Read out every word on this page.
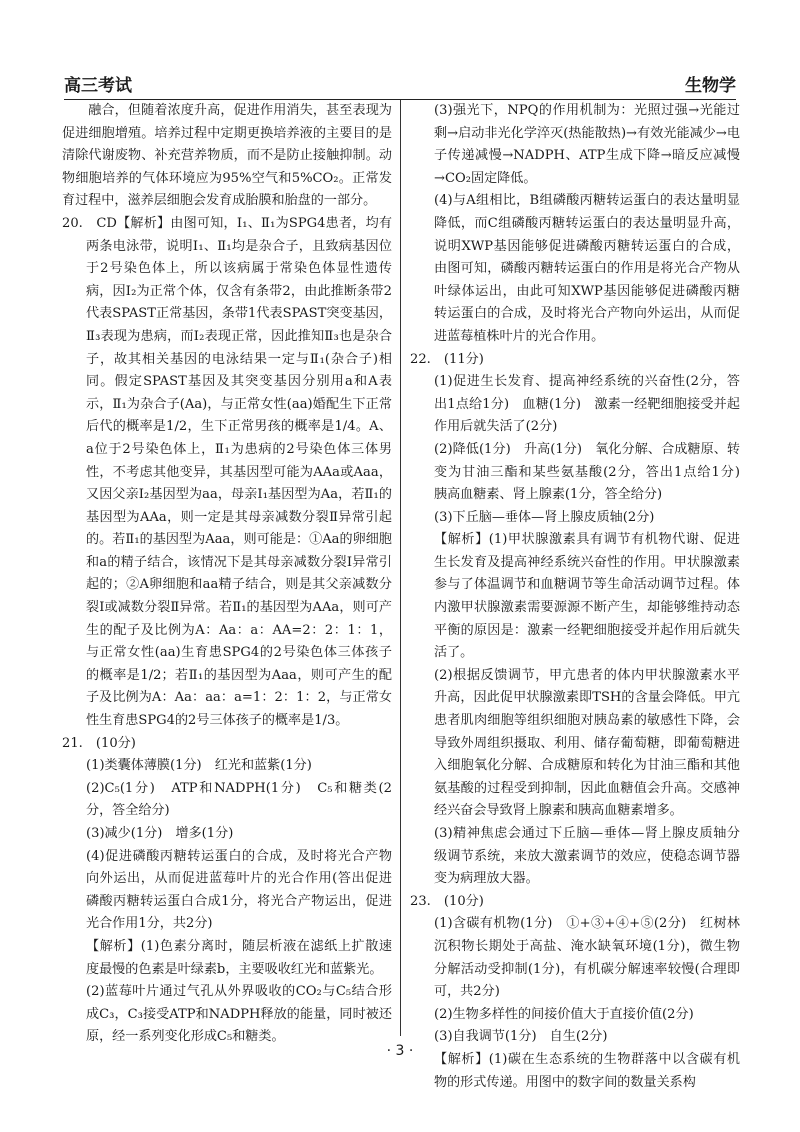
高三考试	生物学

融合，但随着浓度升高，促进作用消失，甚至表现为促进细胞增殖。培养过程中定期更换培养液的主要目的是清除代谢废物、补充营养物质，而不是防止接触抑制。动物细胞培养的气体环境应为95%空气和5%CO₂。正常发育过程中，滋养层细胞会发育成胎膜和胎盘的一部分。

20.　CD【解析】由图可知，Ⅰ₁、Ⅱ₁为SPG4患者，均有两条电泳带，说明Ⅰ₁、Ⅱ₁均是杂合子，且致病基因位于2号染色体上，所以该病属于常染色体显性遗传病，因Ⅰ₂为正常个体，仅含有条带2，由此推断条带2代表SPAST正常基因，条带1代表SPAST突变基因，Ⅱ₃表现为患病，而Ⅰ₂表现正常，因此推知Ⅱ₃也是杂合子，故其相关基因的电泳结果一定与Ⅱ₁(杂合子)相同。假定SPAST基因及其突变基因分别用a和A表示，Ⅱ₁为杂合子(Aa)，与正常女性(aa)婚配生下正常后代的概率是1/2，生下正常男孩的概率是1/4。A、a位于2号染色体上，Ⅱ₁为患病的2号染色体三体男性，不考虑其他变异，其基因型可能为AAa或Aaa，又因父亲Ⅰ₂基因型为aa，母亲Ⅰ₁基因型为Aa，若Ⅱ₁的基因型为AAa，则一定是其母亲减数分裂Ⅱ异常引起的。若Ⅱ₁的基因型为Aaa，则可能是：①Aa的卵细胞和a的精子结合，该情况下是其母亲减数分裂Ⅰ异常引起的；②A卵细胞和aa精子结合，则是其父亲减数分裂Ⅰ或减数分裂Ⅱ异常。若Ⅱ₁的基因型为AAa，则可产生的配子及比例为A：Aa：a：AA=2：2：1：1，与正常女性(aa)生育患SPG4的2号染色体三体孩子的概率是1/2；若Ⅱ₁的基因型为Aaa，则可产生的配子及比例为A：Aa：aa：a=1：2：1：2，与正常女性生育患SPG4的2号三体孩子的概率是1/3。

21.　(10分)

(1)类囊体薄膜(1分)　红光和蓝紫(1分)

(2)C₅(1分)　ATP和NADPH(1分)　C₅和糖类(2分，答全给分)

(3)减少(1分)　增多(1分)

(4)促进磷酸丙糖转运蛋白的合成，及时将光合产物向外运出，从而促进蓝莓叶片的光合作用(答出促进磷酸丙糖转运蛋白合成1分，将光合产物运出，促进光合作用1分，共2分)

【解析】(1)色素分离时，随层析液在滤纸上扩散速度最慢的色素是叶绿素b，主要吸收红光和蓝紫光。

(2)蓝莓叶片通过气孔从外界吸收的CO₂与C₅结合形成C₃，C₃接受ATP和NADPH释放的能量，同时被还原，经一系列变化形成C₅和糖类。

(3)强光下，NPQ的作用机制为：光照过强→光能过剩→启动非光化学淬灭(热能散热)→有效光能减少→电子传递减慢→NADPH、ATP生成下降→暗反应减慢→CO₂固定降低。

(4)与A组相比，B组磷酸丙糖转运蛋白的表达量明显降低，而C组磷酸丙糖转运蛋白的表达量明显升高，说明XWP基因能够促进磷酸丙糖转运蛋白的合成，由图可知，磷酸丙糖转运蛋白的作用是将光合产物从叶绿体运出，由此可知XWP基因能够促进磷酸丙糖转运蛋白的合成，及时将光合产物向外运出，从而促进蓝莓植株叶片的光合作用。

22.　(11分)

(1)促进生长发育、提高神经系统的兴奋性(2分，答出1点给1分)　血糖(1分)　激素一经靶细胞接受并起作用后就失活了(2分)

(2)降低(1分)　升高(1分)　氧化分解、合成糖原、转变为甘油三酯和某些氨基酸(2分，答出1点给1分)　胰高血糖素、肾上腺素(1分，答全给分)

(3)下丘脑—垂体—肾上腺皮质轴(2分)

【解析】(1)甲状腺激素具有调节有机物代谢、促进生长发育及提高神经系统兴奋性的作用。甲状腺激素参与了体温调节和血糖调节等生命活动调节过程。体内激甲状腺激素需要源源不断产生，却能够维持动态平衡的原因是：激素一经靶细胞接受并起作用后就失活了。

(2)根据反馈调节，甲亢患者的体内甲状腺激素水平升高，因此促甲状腺激素即TSH的含量会降低。甲亢患者肌肉细胞等组织细胞对胰岛素的敏感性下降，会导致外周组织摄取、利用、储存葡萄糖，即葡萄糖进入细胞氧化分解、合成糖原和转化为甘油三酯和其他氨基酸的过程受到抑制，因此血糖值会升高。交感神经兴奋会导致肾上腺素和胰高血糖素增多。

(3)精神焦虑会通过下丘脑—垂体—肾上腺皮质轴分级调节系统，来放大激素调节的效应，使稳态调节器变为病理放大器。

23.　(10分)

(1)含碳有机物(1分)　①+③+④+⑤(2分)　红树林沉积物长期处于高盐、淹水缺氧环境(1分)，微生物分解活动受抑制(1分)，有机碳分解速率较慢(合理即可，共2分)

(2)生物多样性的间接价值大于直接价值(2分)

(3)自我调节(1分)　自生(2分)

【解析】(1)碳在生态系统的生物群落中以含碳有机物的形式传递。用图中的数字间的数量关系构

· 3 ·
